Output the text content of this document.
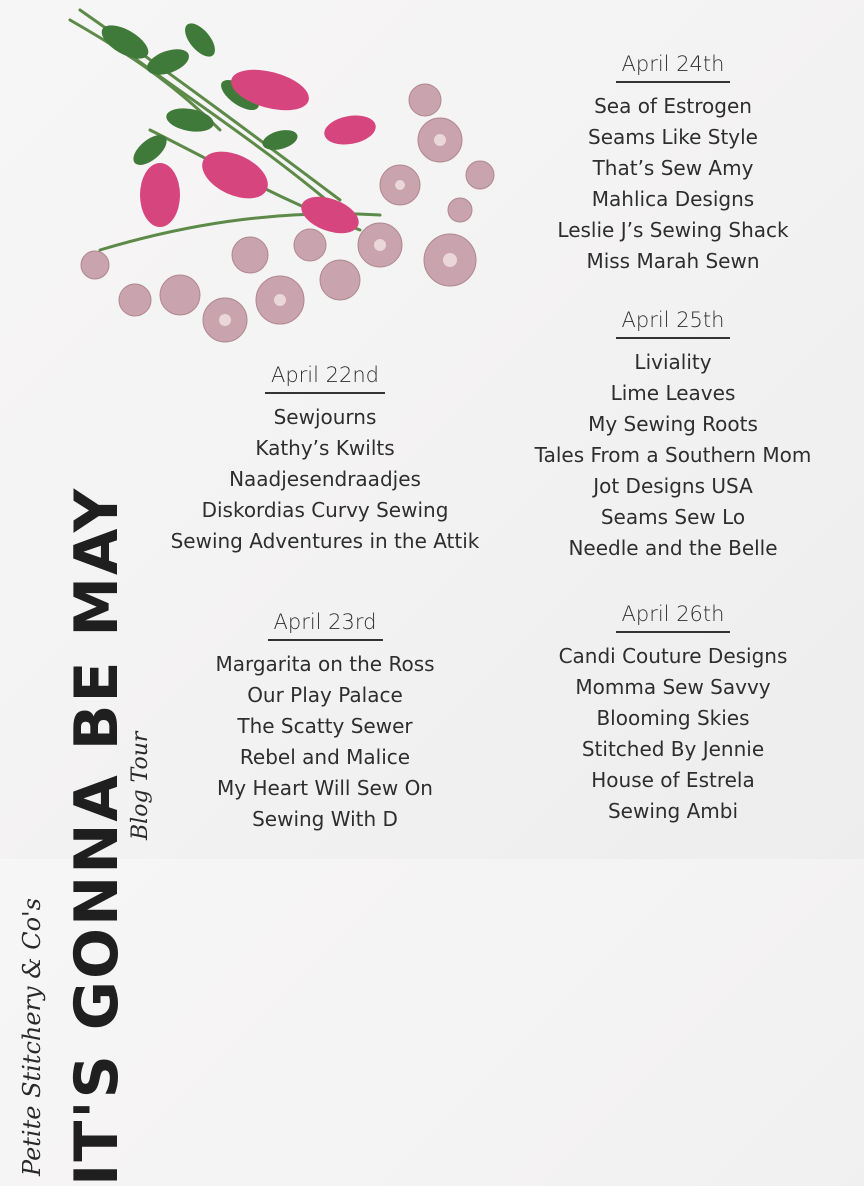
Petite Stitchery & Co's IT'S GONNA BE MAY
Blog Tour
April 22nd
Sewjourns
Kathy’s Kwilts
Naadjesendraadjes
Diskordias Curvy Sewing
Sewing Adventures in the Attik
April 23rd
Margarita on the Ross
Our Play Palace
The Scatty Sewer
Rebel and Malice
My Heart Will Sew On
Sewing With D
April 24th
Sea of Estrogen
Seams Like Style
That’s Sew Amy
Mahlica Designs
Leslie J’s Sewing Shack
Miss Marah Sewn
April 25th
Liviality
Lime Leaves
My Sewing Roots
Tales From a Southern Mom
Jot Designs USA
Seams Sew Lo
Needle and the Belle
April 26th
Candi Couture Designs
Momma Sew Savvy
Blooming Skies
Stitched By Jennie
House of Estrela
Sewing Ambi
